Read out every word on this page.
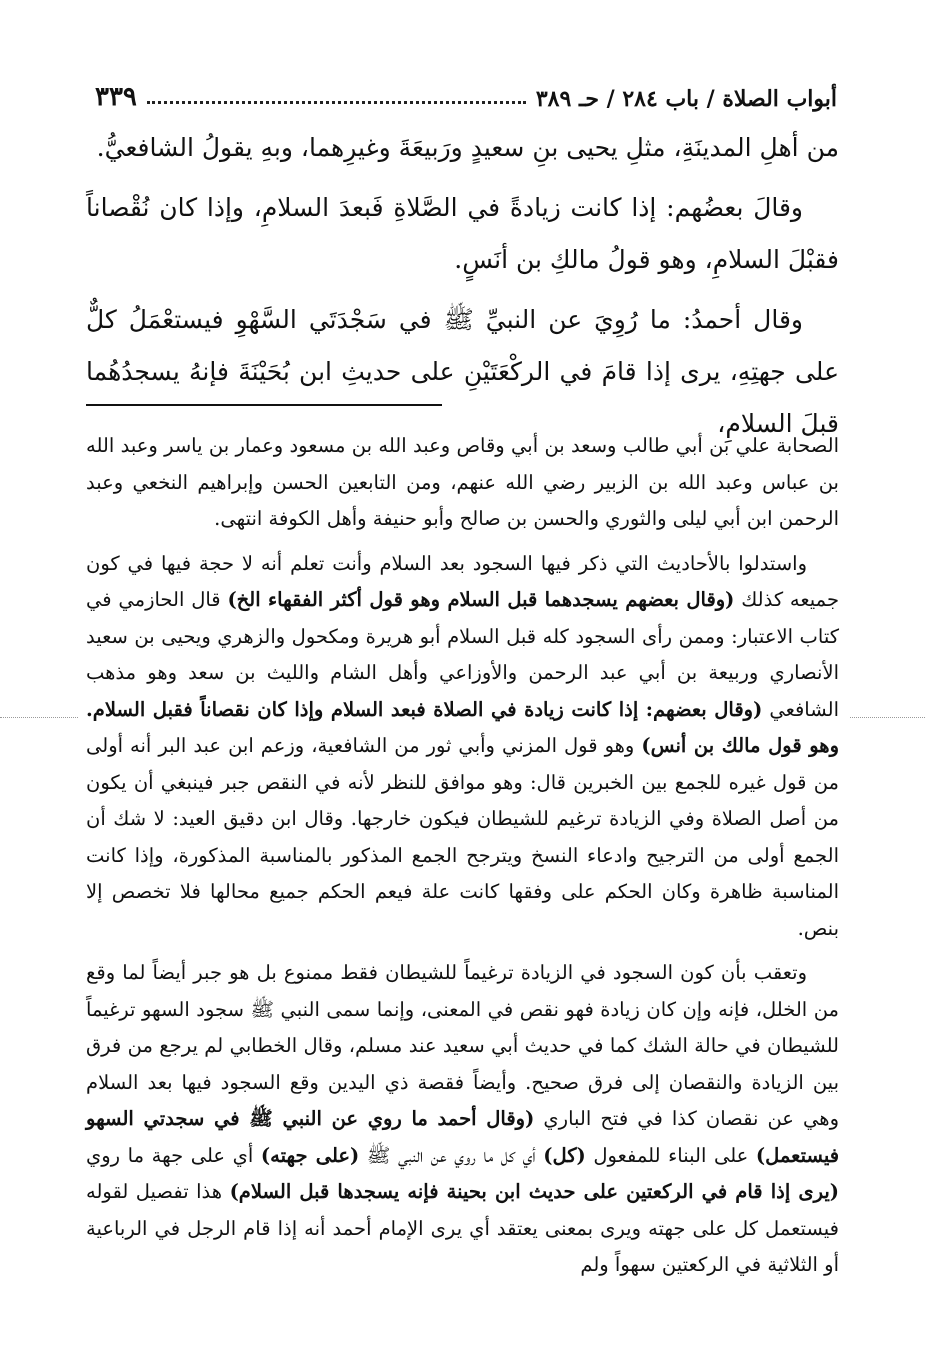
أبواب الصلاة / باب ٢٨٤ / حـ ٣٨٩
٣٣٩

من أهلِ المدينَةِ، مثلِ يحيى بنِ سعيدٍ ورَبيعَةَ وغيرِهما، وبهِ يقولُ الشافعيُّ.

وقالَ بعضُهم: إذا كانت زيادةً في الصَّلاةِ فَبعدَ السلامِ، وإذا كان نُقْصاناً فقبْلَ السلامِ، وهو قولُ مالكِ بن أنَسٍ.

وقال أحمدُ: ما رُوِيَ عن النبيِّ ﷺ في سَجْدَتَي السَّهْوِ فيستعْمَلُ كلٌّ على جهتِهِ، يرى إذا قامَ في الركْعَتَيْنِ على حديثِ ابن بُحَيْنَةَ فإنهُ يسجدُهُما قبلَ السلامِ،

الصحابة علي بن أبي طالب وسعد بن أبي وقاص وعبد الله بن مسعود وعمار بن ياسر وعبد الله بن عباس وعبد الله بن الزبير رضي الله عنهم، ومن التابعين الحسن وإبراهيم النخعي وعبد الرحمن ابن أبي ليلى والثوري والحسن بن صالح وأبو حنيفة وأهل الكوفة انتهى.

واستدلوا بالأحاديث التي ذكر فيها السجود بعد السلام وأنت تعلم أنه لا حجة فيها في كون جميعه كذلك (وقال بعضهم يسجدهما قبل السلام وهو قول أكثر الفقهاء الخ) قال الحازمي في كتاب الاعتبار: وممن رأى السجود كله قبل السلام أبو هريرة ومكحول والزهري ويحيى بن سعيد الأنصاري وربيعة بن أبي عبد الرحمن والأوزاعي وأهل الشام والليث بن سعد وهو مذهب الشافعي (وقال بعضهم: إذا كانت زيادة في الصلاة فبعد السلام وإذا كان نقصاناً فقبل السلام. وهو قول مالك بن أنس) وهو قول المزني وأبي ثور من الشافعية، وزعم ابن عبد البر أنه أولى من قول غيره للجمع بين الخبرين قال: وهو موافق للنظر لأنه في النقص جبر فينبغي أن يكون من أصل الصلاة وفي الزيادة ترغيم للشيطان فيكون خارجها. وقال ابن دقيق العيد: لا شك أن الجمع أولى من الترجيح وادعاء النسخ ويترجح الجمع المذكور بالمناسبة المذكورة، وإذا كانت المناسبة ظاهرة وكان الحكم على وفقها كانت علة فيعم الحكم جميع محالها فلا تخصص إلا بنص.

وتعقب بأن كون السجود في الزيادة ترغيماً للشيطان فقط ممنوع بل هو جبر أيضاً لما وقع من الخلل، فإنه وإن كان زيادة فهو نقص في المعنى، وإنما سمى النبي ﷺ سجود السهو ترغيماً للشيطان في حالة الشك كما في حديث أبي سعيد عند مسلم، وقال الخطابي لم يرجع من فرق بين الزيادة والنقصان إلى فرق صحيح. وأيضاً فقصة ذي اليدين وقع السجود فيها بعد السلام وهي عن نقصان كذا في فتح الباري (وقال أحمد ما روي عن النبي ﷺ في سجدتي السهو فيستعمل) على البناء للمفعول (كل) أي كل ما روي عن النبي ﷺ (على جهته) أي على جهة ما روي (يرى إذا قام في الركعتين على حديث ابن بحينة فإنه يسجدها قبل السلام) هذا تفصيل لقوله فيستعمل كل على جهته ويرى بمعنى يعتقد أي يرى الإمام أحمد أنه إذا قام الرجل في الرباعية أو الثلاثية في الركعتين سهواً ولم
